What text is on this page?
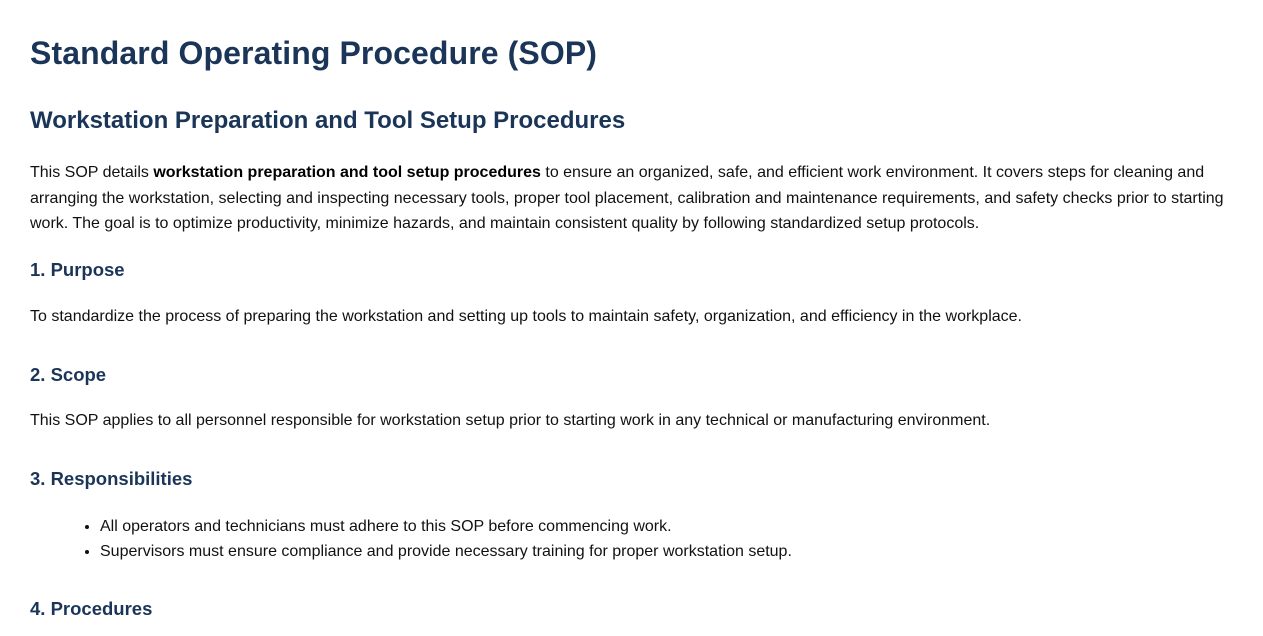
Standard Operating Procedure (SOP)
Workstation Preparation and Tool Setup Procedures

This SOP details workstation preparation and tool setup procedures to ensure an organized, safe, and efficient work environment. It covers steps for cleaning and arranging the workstation, selecting and inspecting necessary tools, proper tool placement, calibration and maintenance requirements, and safety checks prior to starting work. The goal is to optimize productivity, minimize hazards, and maintain consistent quality by following standardized setup protocols.

1. Purpose

To standardize the process of preparing the workstation and setting up tools to maintain safety, organization, and efficiency in the workplace.

2. Scope

This SOP applies to all personnel responsible for workstation setup prior to starting work in any technical or manufacturing environment.

3. Responsibilities
• All operators and technicians must adhere to this SOP before commencing work.
• Supervisors must ensure compliance and provide necessary training for proper workstation setup.
4. Procedures
